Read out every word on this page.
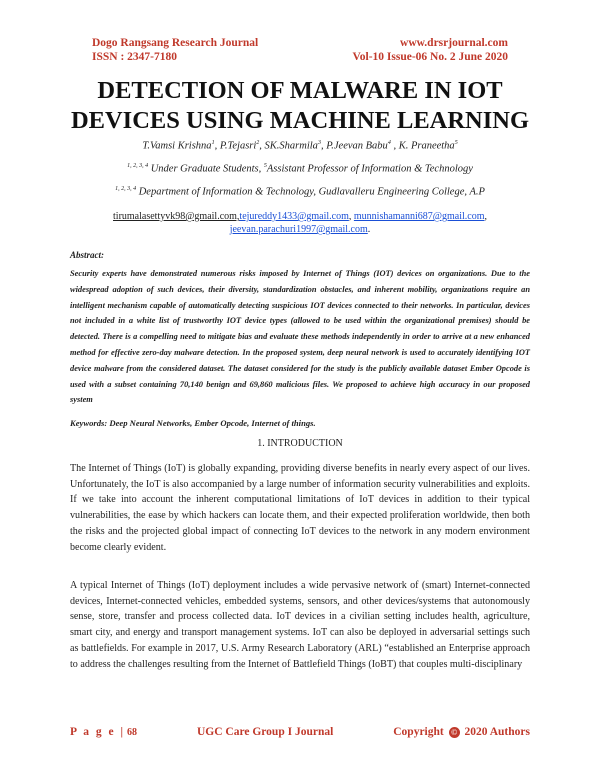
Dogo Rangsang Research Journal	www.drsrjournal.com
ISSN : 2347-7180	Vol-10 Issue-06 No. 2 June 2020
DETECTION OF MALWARE IN IOT
DEVICES USING MACHINE LEARNING
T.Vamsi Krishna$^1$, P.Tejasri$^2$, SK.Sharmila$^3$, P.Jeevan Babu$^4$ , K. Praneetha$^5$
$^{1, 2, 3, 4}$ Under Graduate Students, $^5$Assistant Professor of Information & Technology
$^{1, 2, 3, 4}$ Department of Information & Technology, Gudlavalleru Engineering College, A.P
tirumalasettyvk98@gmail.com,tejureddy1433@gmail.com, munnishamanni687@gmail.com,
jeevan.parachuri1997@gmail.com.
Abstract:
Security experts have demonstrated numerous risks imposed by Internet of Things (IOT) devices on organizations. Due to the widespread adoption of such devices, their diversity, standardization obstacles, and inherent mobility, organizations require an intelligent mechanism capable of automatically detecting suspicious IOT devices connected to their networks. In particular, devices not included in a white list of trustworthy IOT device types (allowed to be used within the organizational premises) should be detected. There is a compelling need to mitigate bias and evaluate these methods independently in order to arrive at a new enhanced method for effective zero-day malware detection. In the proposed system, deep neural network is used to accurately identifying IOT device malware from the considered dataset. The dataset considered for the study is the publicly available dataset Ember Opcode is used with a subset containing 70,140 benign and 69,860 malicious files. We proposed to achieve high accuracy in our proposed system
Keywords: Deep Neural Networks, Ember Opcode, Internet of things.
1. INTRODUCTION
The Internet of Things (IoT) is globally expanding, providing diverse benefits in nearly every aspect of our lives. Unfortunately, the IoT is also accompanied by a large number of information security vulnerabilities and exploits. If we take into account the inherent computational limitations of IoT devices in addition to their typical vulnerabilities, the ease by which hackers can locate them, and their expected proliferation worldwide, then both the risks and the projected global impact of connecting IoT devices to the network in any modern environment become clearly evident.
A typical Internet of Things (IoT) deployment includes a wide pervasive network of (smart) Internet-connected devices, Internet-connected vehicles, embedded systems, sensors, and other devices/systems that autonomously sense, store, transfer and process collected data. IoT devices in a civilian setting includes health, agriculture, smart city, and energy and transport management systems. IoT can also be deployed in adversarial settings such as battlefields. For example in 2017, U.S. Army Research Laboratory (ARL) “established an Enterprise approach to address the challenges resulting from the Internet of Battlefield Things (IoBT) that couples multi-disciplinary
P a g e | 68	UGC Care Group I Journal	Copyright © 2020 Authors
